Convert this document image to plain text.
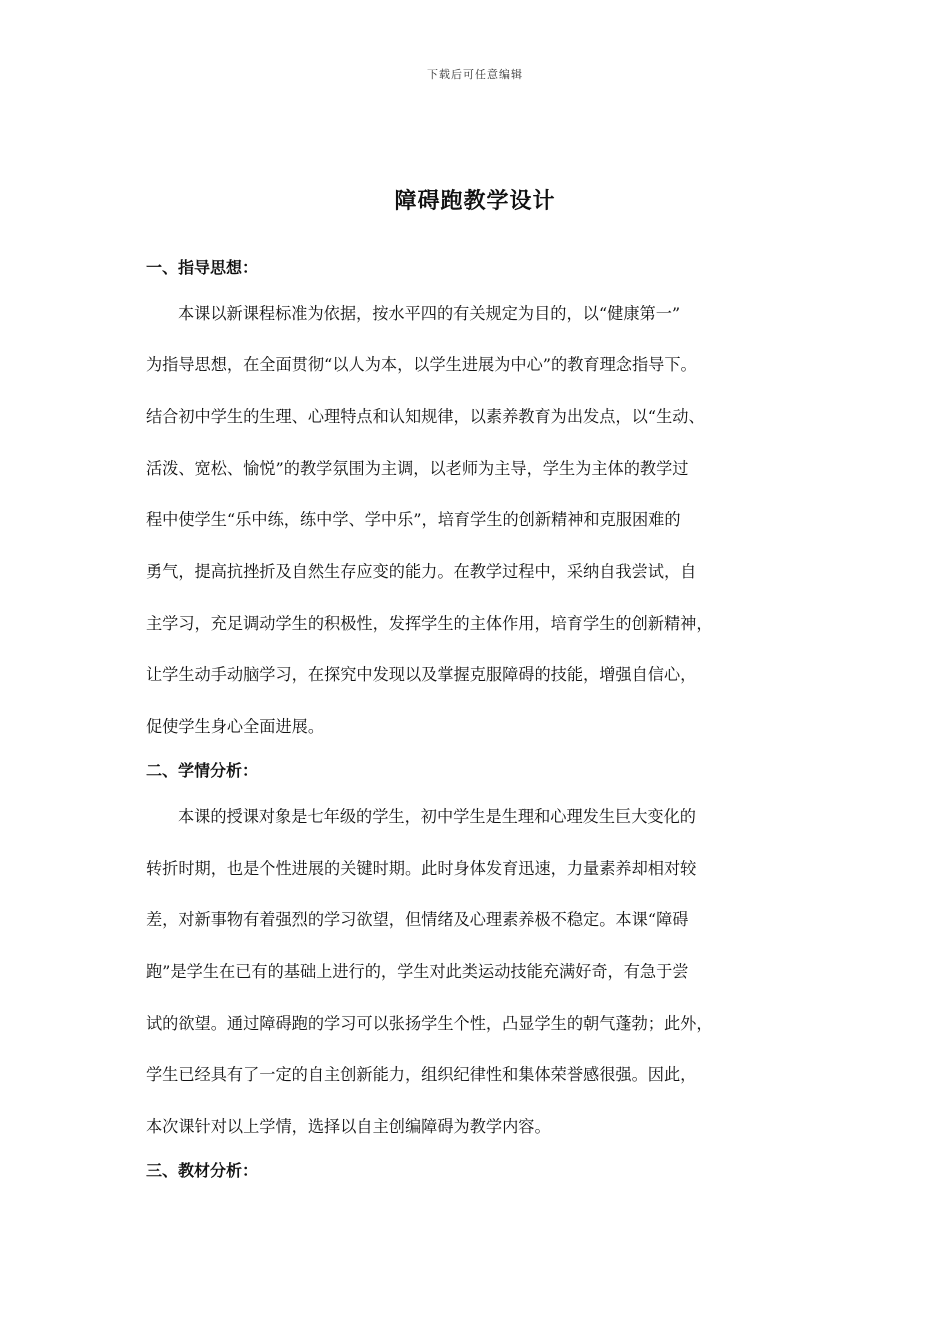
下载后可任意编辑
障碍跑教学设计
一、指导思想：
本课以新课程标准为依据，按水平四的有关规定为目的，以“健康第一”
为指导思想，在全面贯彻“以人为本，以学生进展为中心”的教育理念指导下。
结合初中学生的生理、心理特点和认知规律，以素养教育为出发点，以“生动、
活泼、宽松、愉悦”的教学氛围为主调，以老师为主导，学生为主体的教学过
程中使学生“乐中练，练中学、学中乐”，培育学生的创新精神和克服困难的
勇气，提高抗挫折及自然生存应变的能力。在教学过程中，采纳自我尝试，自
主学习，充足调动学生的积极性，发挥学生的主体作用，培育学生的创新精神，
让学生动手动脑学习，在探究中发现以及掌握克服障碍的技能，增强自信心，
促使学生身心全面进展。
二、学情分析：
本课的授课对象是七年级的学生，初中学生是生理和心理发生巨大变化的
转折时期，也是个性进展的关键时期。此时身体发育迅速，力量素养却相对较
差，对新事物有着强烈的学习欲望，但情绪及心理素养极不稳定。本课“障碍
跑”是学生在已有的基础上进行的，学生对此类运动技能充满好奇，有急于尝
试的欲望。通过障碍跑的学习可以张扬学生个性，凸显学生的朝气蓬勃；此外，
学生已经具有了一定的自主创新能力，组织纪律性和集体荣誉感很强。因此，
本次课针对以上学情，选择以自主创编障碍为教学内容。
三、教材分析：
